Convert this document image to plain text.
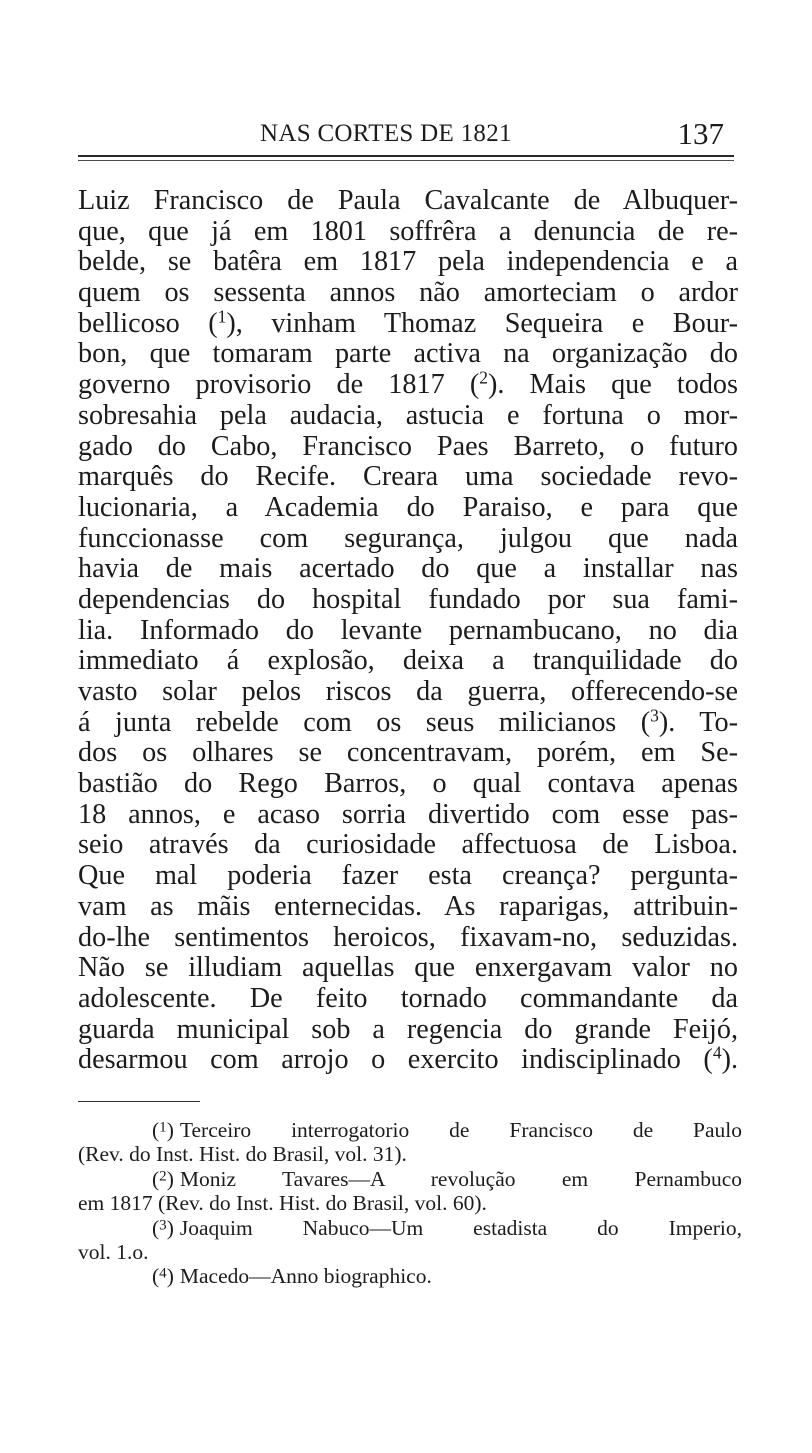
NAS CORTES DE 1821	137
Luiz Francisco de Paula Cavalcante de Albuquer-
que, que já em 1801 soffrêra a denuncia de re-
belde, se batêra em 1817 pela independencia e a
quem os sessenta annos não amorteciam o ardor
bellicoso ($^1$), vinham Thomaz Sequeira e Bour-
bon, que tomaram parte activa na organização do
governo provisorio de 1817 ($^2$). Mais que todos
sobresahia pela audacia, astucia e fortuna o mor-
gado do Cabo, Francisco Paes Barreto, o futuro
marquês do Recife. Creara uma sociedade revo-
lucionaria, a Academia do Paraiso, e para que
funccionasse com segurança, julgou que nada
havia de mais acertado do que a installar nas
dependencias do hospital fundado por sua fami-
lia. Informado do levante pernambucano, no dia
immediato á explosão, deixa a tranquilidade do
vasto solar pelos riscos da guerra, offerecendo-se
á junta rebelde com os seus milicianos ($^3$). To-
dos os olhares se concentravam, porém, em Se-
bastião do Rego Barros, o qual contava apenas
18 annos, e acaso sorria divertido com esse pas-
seio através da curiosidade affectuosa de Lisboa.
Que mal poderia fazer esta creança? pergunta-
vam as mãis enternecidas. As raparigas, attribuin-
do-lhe sentimentos heroicos, fixavam-no, seduzidas.
Não se illudiam aquellas que enxergavam valor no
adolescente. De feito tornado commandante da
guarda municipal sob a regencia do grande Feijó,
desarmou com arrojo o exercito indisciplinado ($^4$).
($^1$) Terceiro interrogatorio de Francisco de Paulo
(Rev. do Inst. Hist. do Brasil, vol. 31).
($^2$) Moniz Tavares—A revolução em Pernambuco
em 1817 (Rev. do Inst. Hist. do Brasil, vol. 60).
($^3$) Joaquim Nabuco—Um estadista do Imperio,
vol. 1.o.
($^4$) Macedo—Anno biographico.
